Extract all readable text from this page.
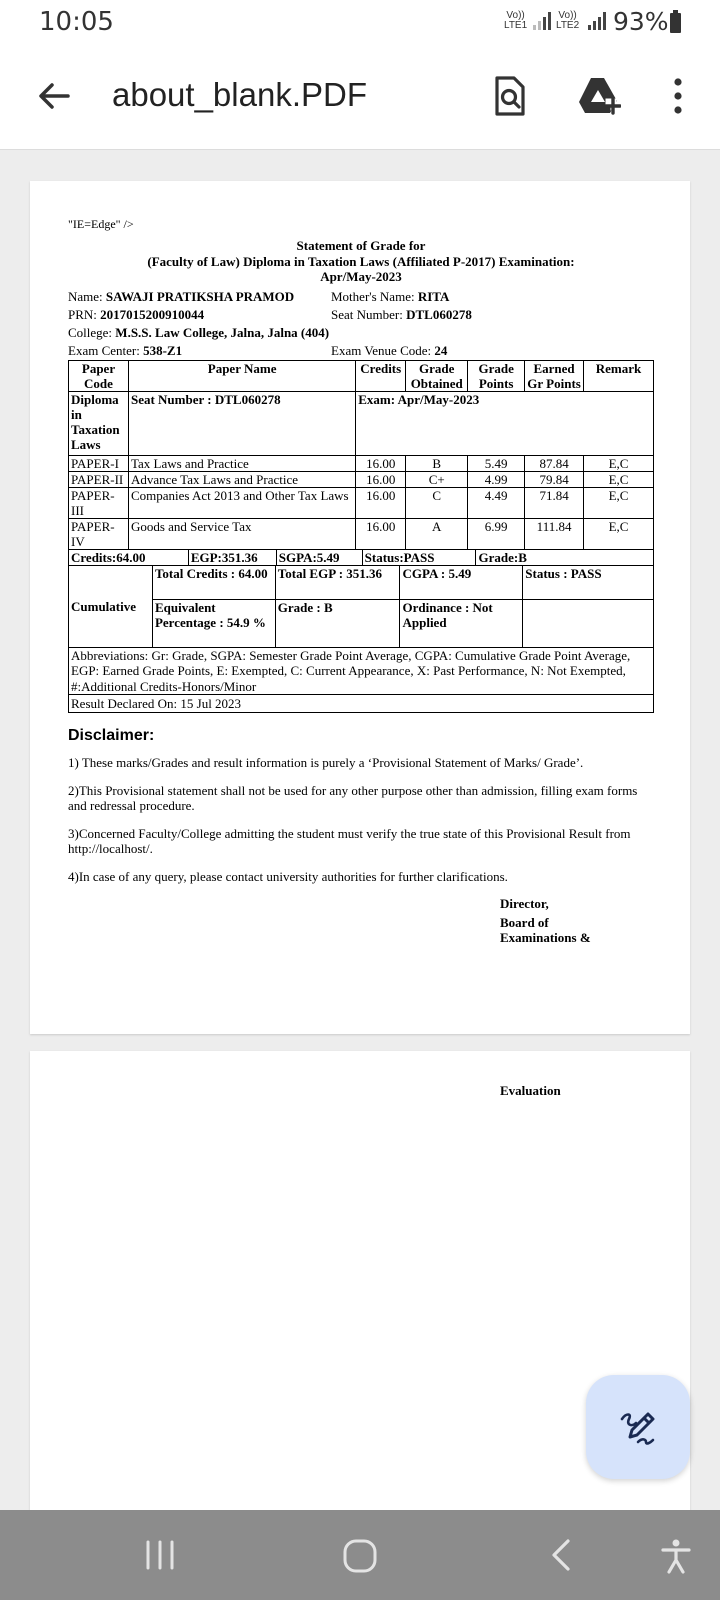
10:05	Vo))
LTE1
Vo))
LTE2 93%
about_blank.PDF
"IE=Edge" />
Statement of Grade for
(Faculty of Law) Diploma in Taxation Laws (Affiliated P-2017) Examination:
Apr/May-2023
Name: SAWAJI PRATIKSHA PRAMOD	Mother's Name: RITA
PRN: 2017015200910044	Seat Number: DTL060278
College: M.S.S. Law College, Jalna, Jalna (404)
Exam Center: 538-Z1	Exam Venue Code: 24
Paper Code	Paper Name	Credits	Grade Obtained	Grade Points	Earned Gr Points	Remark
Diploma in Taxation Laws	Seat Number : DTL060278	Exam: Apr/May-2023				
PAPER-I	Tax Laws and Practice	16.00	B	5.49	87.84	E,C
PAPER-II	Advance Tax Laws and Practice	16.00	C+	4.99	79.84	E,C
PAPER-III	Companies Act 2013 and Other Tax Laws	16.00	C	4.49	71.84	E,C
PAPER-IV	Goods and Service Tax	16.00	A	6.99	111.84	E,C
Credits:64.00	EGP:351.36	SGPA:5.49	Status:PASS	Grade:B
Cumulative	Total Credits : 64.00	Total EGP : 351.36	CGPA : 5.49	Status : PASS
	Equivalent Percentage : 54.9 %	Grade : B	Ordinance : Not Applied	
Abbreviations: Gr: Grade, SGPA: Semester Grade Point Average, CGPA: Cumulative Grade Point Average, EGP: Earned Grade Points, E: Exempted, C: Current Appearance, X: Past Performance, N: Not Exempted, #:Additional Credits-Honors/Minor
Result Declared On: 15 Jul 2023
Disclaimer:

1) These marks/Grades and result information is purely a ‘Provisional Statement of Marks/ Grade’.

2)This Provisional statement shall not be used for any other purpose other than admission, filling exam forms and redressal procedure.

3)Concerned Faculty/College admitting the student must verify the true state of this Provisional Result from http://localhost/.

4)In case of any query, please contact university authorities for further clarifications.

Director,
Board of
Examinations &
Evaluation
